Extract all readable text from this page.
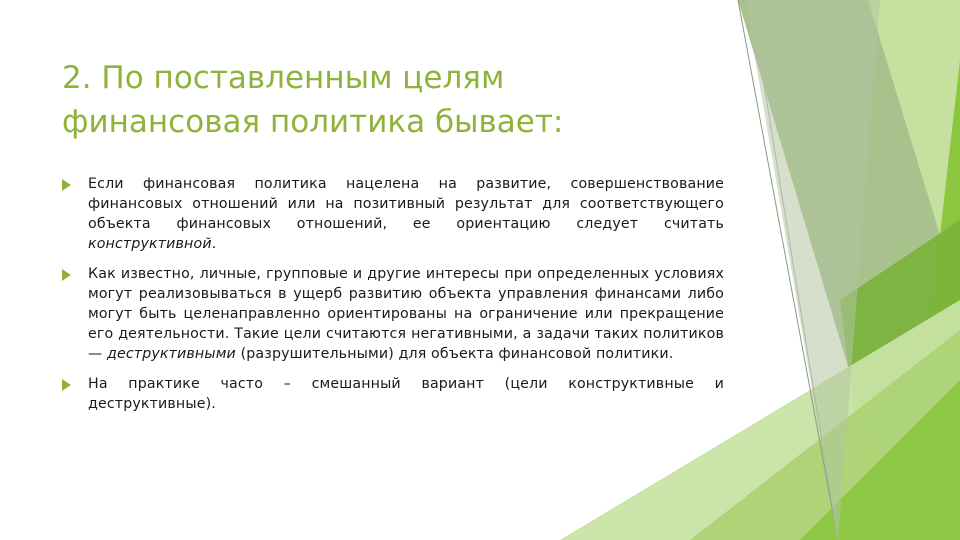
2. По поставленным целям
финансовая политика бывает:
Если финансовая политика нацелена на развитие, совершенствование финансовых отношений или на позитивный результат для соответствующего объекта финансовых отношений, ее ориентацию следует считать конструктивной.
Как известно, личные, групповые и другие интересы при определенных условиях могут реализовываться в ущерб развитию объекта управления финансами либо могут быть целенаправленно ориентированы на ограничение или прекращение его деятельности. Такие цели считаются негативными, а задачи таких политиков — деструктивными (разрушительными) для объекта финансовой политики.
На практике часто – смешанный вариант (цели конструктивные и деструктивные).
